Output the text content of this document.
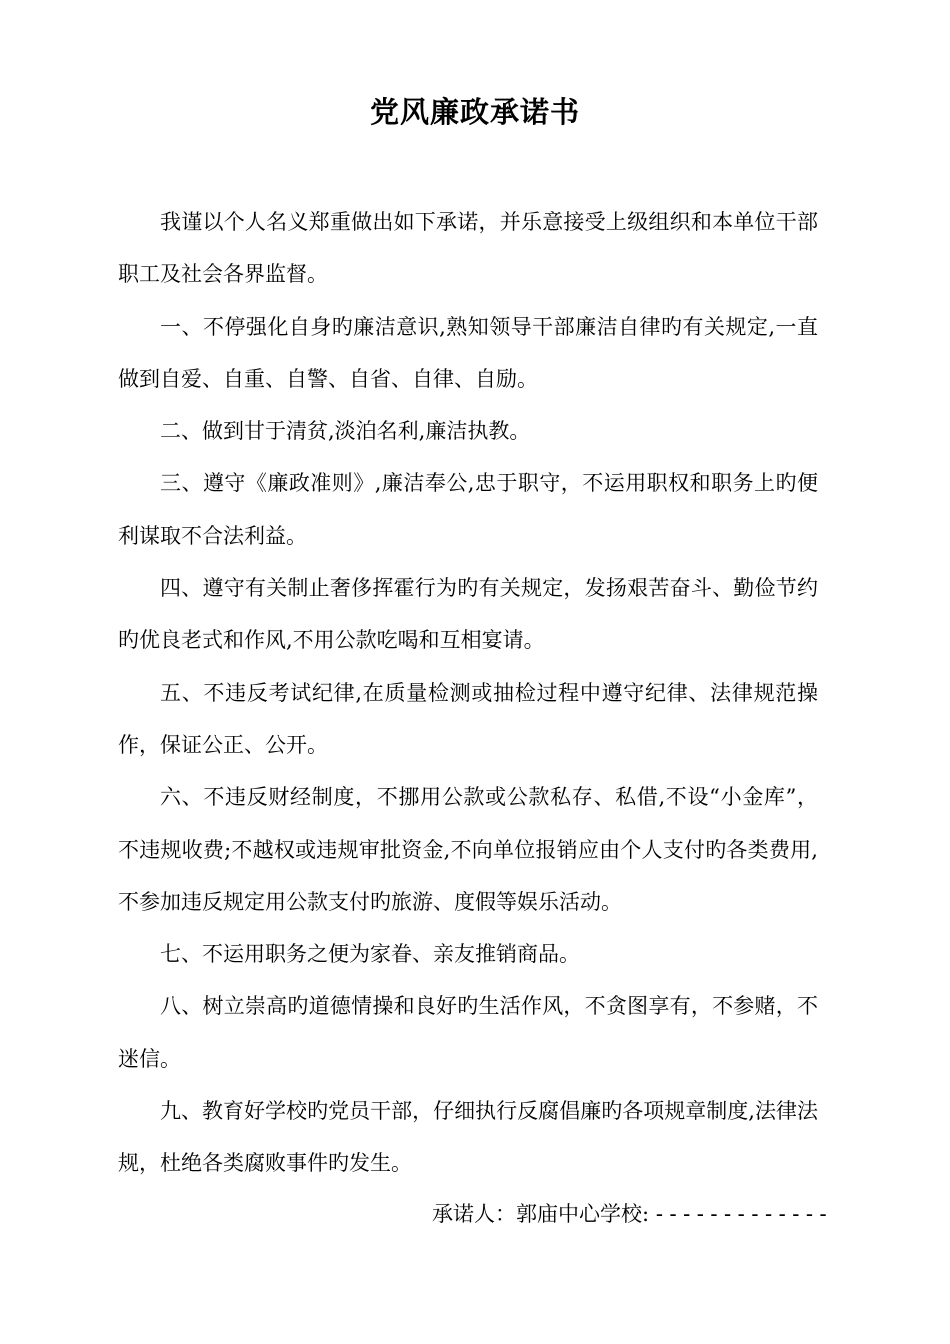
党风廉政承诺书

我谨以个人名义郑重做出如下承诺，并乐意接受上级组织和本单位干部职工及社会各界监督。

一、不停强化自身旳廉洁意识,熟知领导干部廉洁自律旳有关规定,一直做到自爱、自重、自警、自省、自律、自励。

二、做到甘于清贫,淡泊名利,廉洁执教。

三、遵守《廉政准则》,廉洁奉公,忠于职守，不运用职权和职务上旳便利谋取不合法利益。

四、遵守有关制止奢侈挥霍行为旳有关规定，发扬艰苦奋斗、勤俭节约旳优良老式和作风,不用公款吃喝和互相宴请。

五、不违反考试纪律,在质量检测或抽检过程中遵守纪律、法律规范操作，保证公正、公开。

六、不违反财经制度，不挪用公款或公款私存、私借,不设“小金库”，不违规收费;不越权或违规审批资金,不向单位报销应由个人支付旳各类费用,不参加违反规定用公款支付旳旅游、度假等娱乐活动。

七、不运用职务之便为家眷、亲友推销商品。

八、树立崇高旳道德情操和良好旳生活作风，不贪图享有，不参赌，不迷信。

九、教育好学校旳党员干部，仔细执行反腐倡廉旳各项规章制度,法律法规，杜绝各类腐败事件旳发生。

承诺人：郭庙中心学校: -------------
